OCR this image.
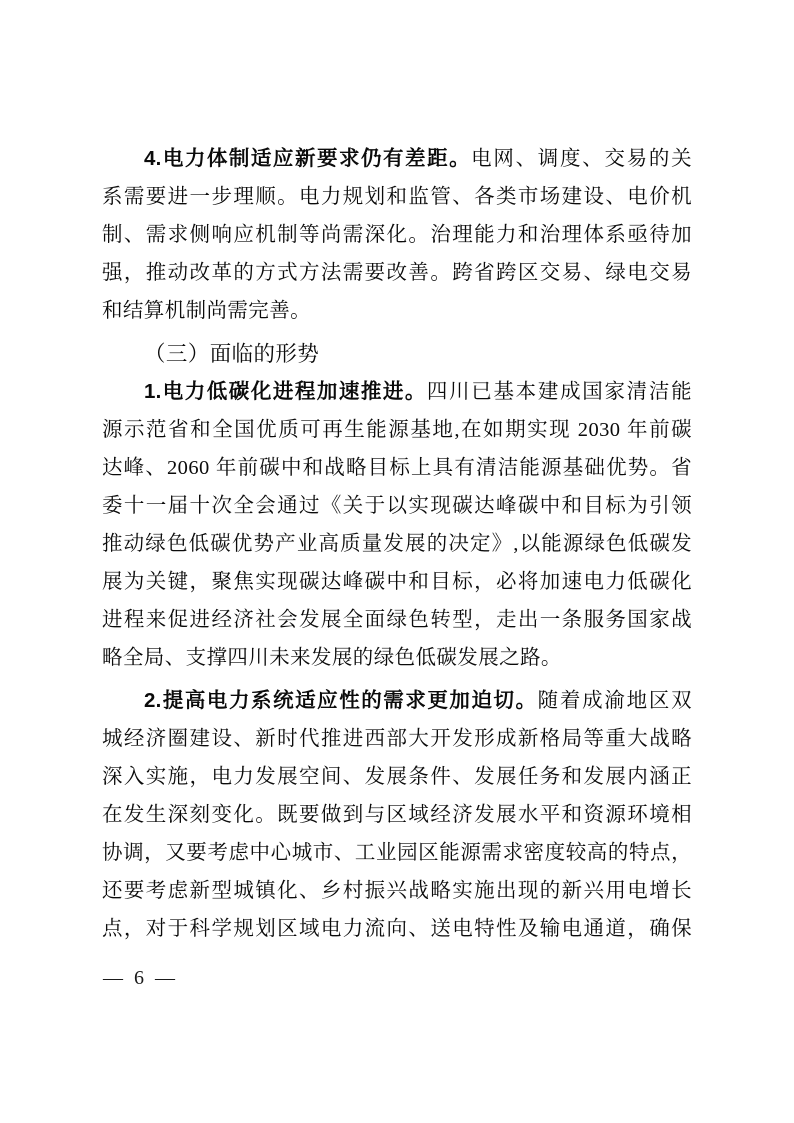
4.电力体制适应新要求仍有差距。电网、调度、交易的关
系需要进一步理顺。电力规划和监管、各类市场建设、电价机
制、需求侧响应机制等尚需深化。治理能力和治理体系亟待加
强，推动改革的方式方法需要改善。跨省跨区交易、绿电交易
和结算机制尚需完善。
（三）面临的形势
1.电力低碳化进程加速推进。四川已基本建成国家清洁能
源示范省和全国优质可再生能源基地,在如期实现 2030 年前碳
达峰、2060 年前碳中和战略目标上具有清洁能源基础优势。省
委十一届十次全会通过《关于以实现碳达峰碳中和目标为引领
推动绿色低碳优势产业高质量发展的决定》,以能源绿色低碳发
展为关键，聚焦实现碳达峰碳中和目标，必将加速电力低碳化
进程来促进经济社会发展全面绿色转型，走出一条服务国家战
略全局、支撑四川未来发展的绿色低碳发展之路。
2.提高电力系统适应性的需求更加迫切。随着成渝地区双
城经济圈建设、新时代推进西部大开发形成新格局等重大战略
深入实施，电力发展空间、发展条件、发展任务和发展内涵正
在发生深刻变化。既要做到与区域经济发展水平和资源环境相
协调，又要考虑中心城市、工业园区能源需求密度较高的特点，
还要考虑新型城镇化、乡村振兴战略实施出现的新兴用电增长
点，对于科学规划区域电力流向、送电特性及输电通道，确保
— 6 —
